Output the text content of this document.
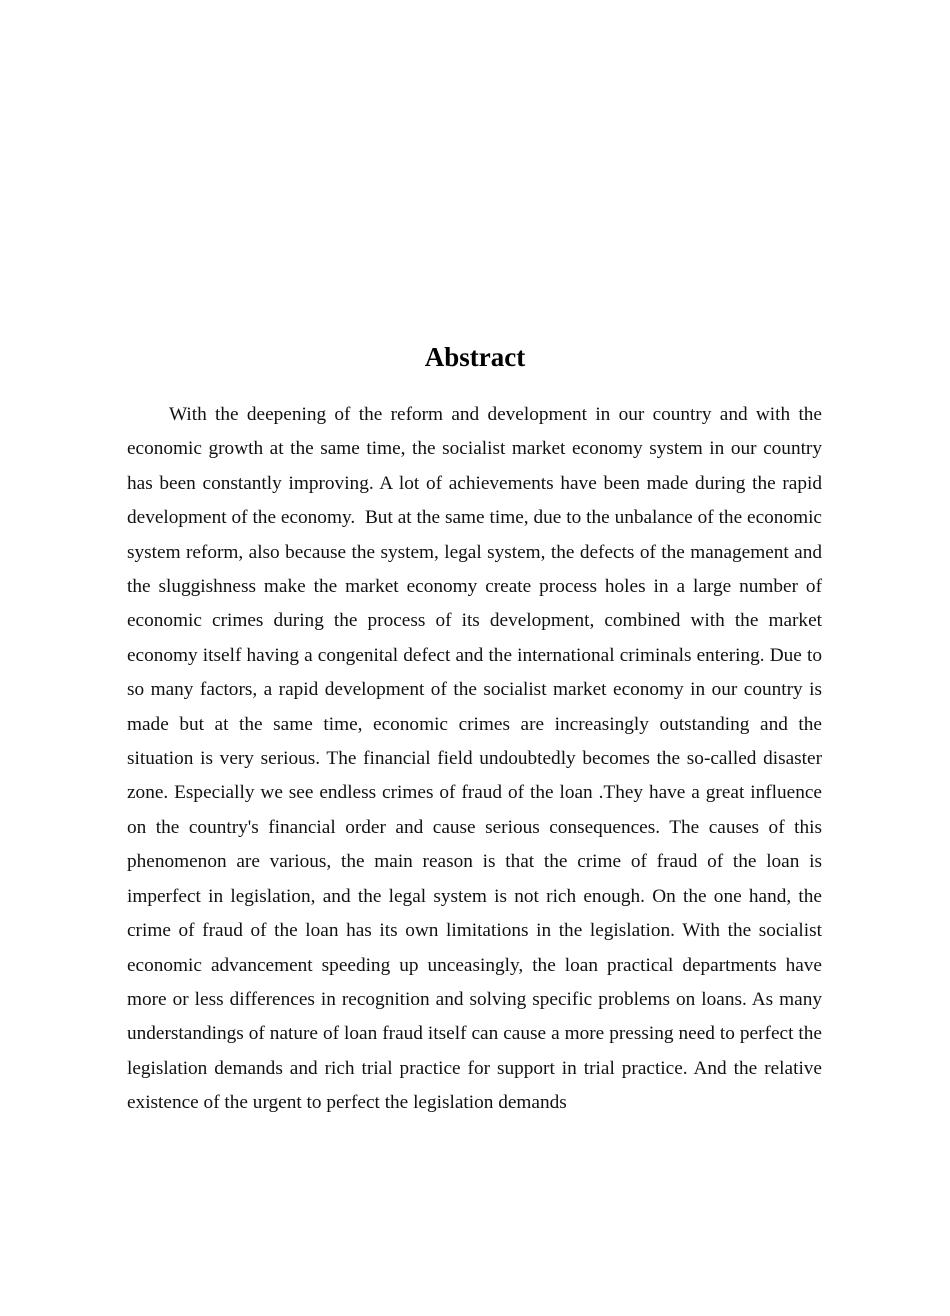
Abstract

With the deepening of the reform and development in our country and with the economic growth at the same time, the socialist market economy system in our country has been constantly improving. A lot of achievements have been made during the rapid development of the economy.  But at the same time, due to the unbalance of the economic system reform, also because the system, legal system, the defects of the management and the sluggishness make the market economy create process holes in a large number of economic crimes during the process of its development, combined with the market economy itself having a congenital defect and the international criminals entering. Due to so many factors, a rapid development of the socialist market economy in our country is made but at the same time, economic crimes are increasingly outstanding and the situation is very serious. The financial field undoubtedly becomes the so-called disaster zone. Especially we see endless crimes of fraud of the loan .They have a great influence on the country's financial order and cause serious consequences. The causes of this phenomenon are various, the main reason is that the crime of fraud of the loan is imperfect in legislation, and the legal system is not rich enough. On the one hand, the crime of fraud of the loan has its own limitations in the legislation. With the socialist economic advancement speeding up unceasingly, the loan practical departments have more or less differences in recognition and solving specific problems on loans. As many understandings of nature of loan fraud itself can cause a more pressing need to perfect the legislation demands and rich trial practice for support in trial practice. And the relative existence of the urgent to perfect the legislation demands
